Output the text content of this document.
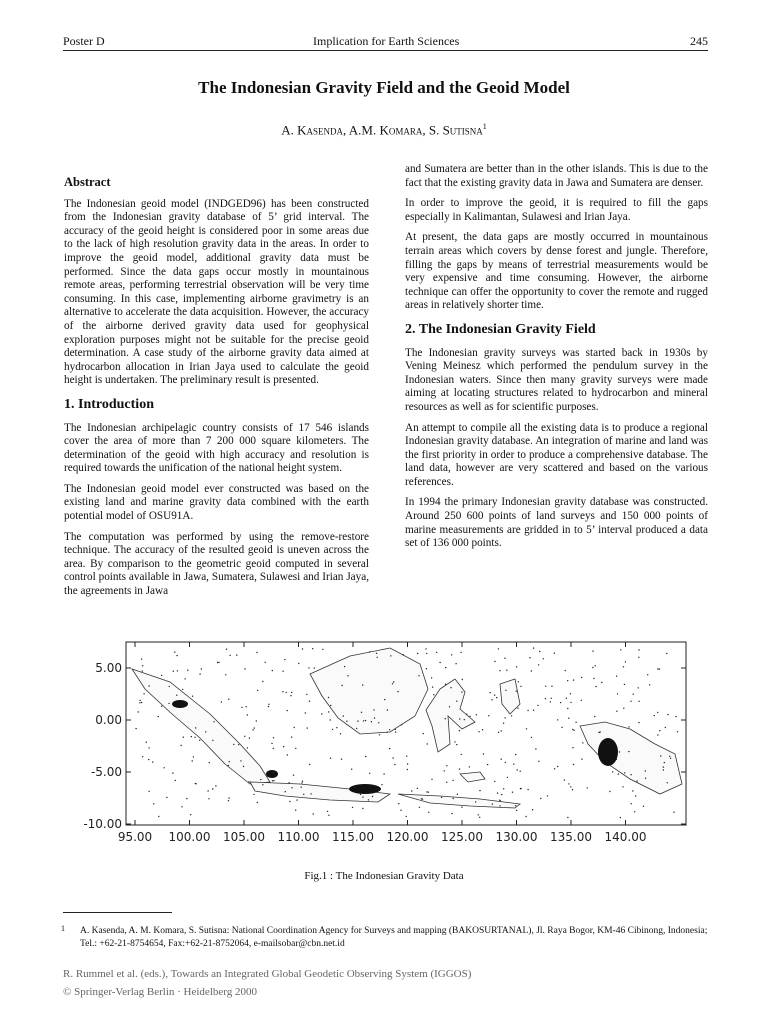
Poster D	Implication for Earth Sciences	245
The Indonesian Gravity Field and the Geoid Model
A. Kasenda, A.M. Komara, S. Sutisna$^1$
Abstract

The Indonesian geoid model (INDGED96) has been constructed from the Indonesian gravity database of 5’ grid interval. The accuracy of the geoid height is considered poor in some areas due to the lack of high resolution gravity data in the areas. In order to improve the geoid model, additional gravity data must be performed. Since the data gaps occur mostly in mountainous remote areas, performing terrestrial observation will be very time consuming. In this case, implementing airborne gravimetry is an alternative to accelerate the data acquisition. However, the accuracy of the airborne derived gravity data used for geophysical exploration purposes might not be suitable for the precise geoid determination. A case study of the airborne gravity data aimed at hydrocarbon allocation in Irian Jaya used to calculate the geoid height is undertaken. The preliminary result is presented.

1. Introduction

The Indonesian archipelagic country consists of 17 546 islands cover the area of more than 7 200 000 square kilometers. The determination of the geoid with high accuracy and resolution is required towards the unification of the national height system.

The Indonesian geoid model ever constructed was based on the existing land and marine gravity data combined with the earth potential model of OSU91A.

The computation was performed by using the remove-restore technique. The accuracy of the resulted geoid is uneven across the area. By comparison to the geometric geoid computed in several control points available in Jawa, Sumatera, Sulawesi and Irian Jaya, the agreements in Jawa

and Sumatera are better than in the other islands. This is due to the fact that the existing gravity data in Jawa and Sumatera are denser.

In order to improve the geoid, it is required to fill the gaps especially in Kalimantan, Sulawesi and Irian Jaya.

At present, the data gaps are mostly occurred in mountainous terrain areas which covers by dense forest and jungle. Therefore, filling the gaps by means of terrestrial measurements would be very expensive and time consuming. However, the airborne technique can offer the opportunity to cover the remote and rugged areas in relatively shorter time.

2. The Indonesian Gravity Field

The Indonesian gravity surveys was started back in 1930s by Vening Meinesz which performed the pendulum survey in the Indonesian waters. Since then many gravity surveys were made aiming at locating structures related to hydrocarbon and mineral resources as well as for scientific purposes.

An attempt to compile all the existing data is to produce a regional Indonesian gravity database. An integration of marine and land was the first priority in order to produce a comprehensive database. The land data, however are very scattered and based on the various references.

In 1994 the primary Indonesian gravity database was constructed. Around 250 600 points of land surveys and 150 000 points of marine measurements are gridded in to 5’ interval produced a data set of 136 000 points.

95.00 100.00 105.00 110.00 115.00 120.00 125.00 130.00 135.00 140.00
5.00
0.00
-5.00
-10.00
Fig.1 : The Indonesian Gravity Data
1	A. Kasenda, A. M. Komara, S. Sutisna: National Coordination Agency for Surveys and mapping (BAKOSURTANAL), Jl. Raya Bogor, KM-46 Cibinong, Indonesia; Tel.: +62-21-8754654, Fax:+62-21-8752064, e-mailsobar@cbn.net.id
R. Rummel et al. (eds.), Towards an Integrated Global Geodetic Observing System (IGGOS)
© Springer-Verlag Berlin · Heidelberg 2000
